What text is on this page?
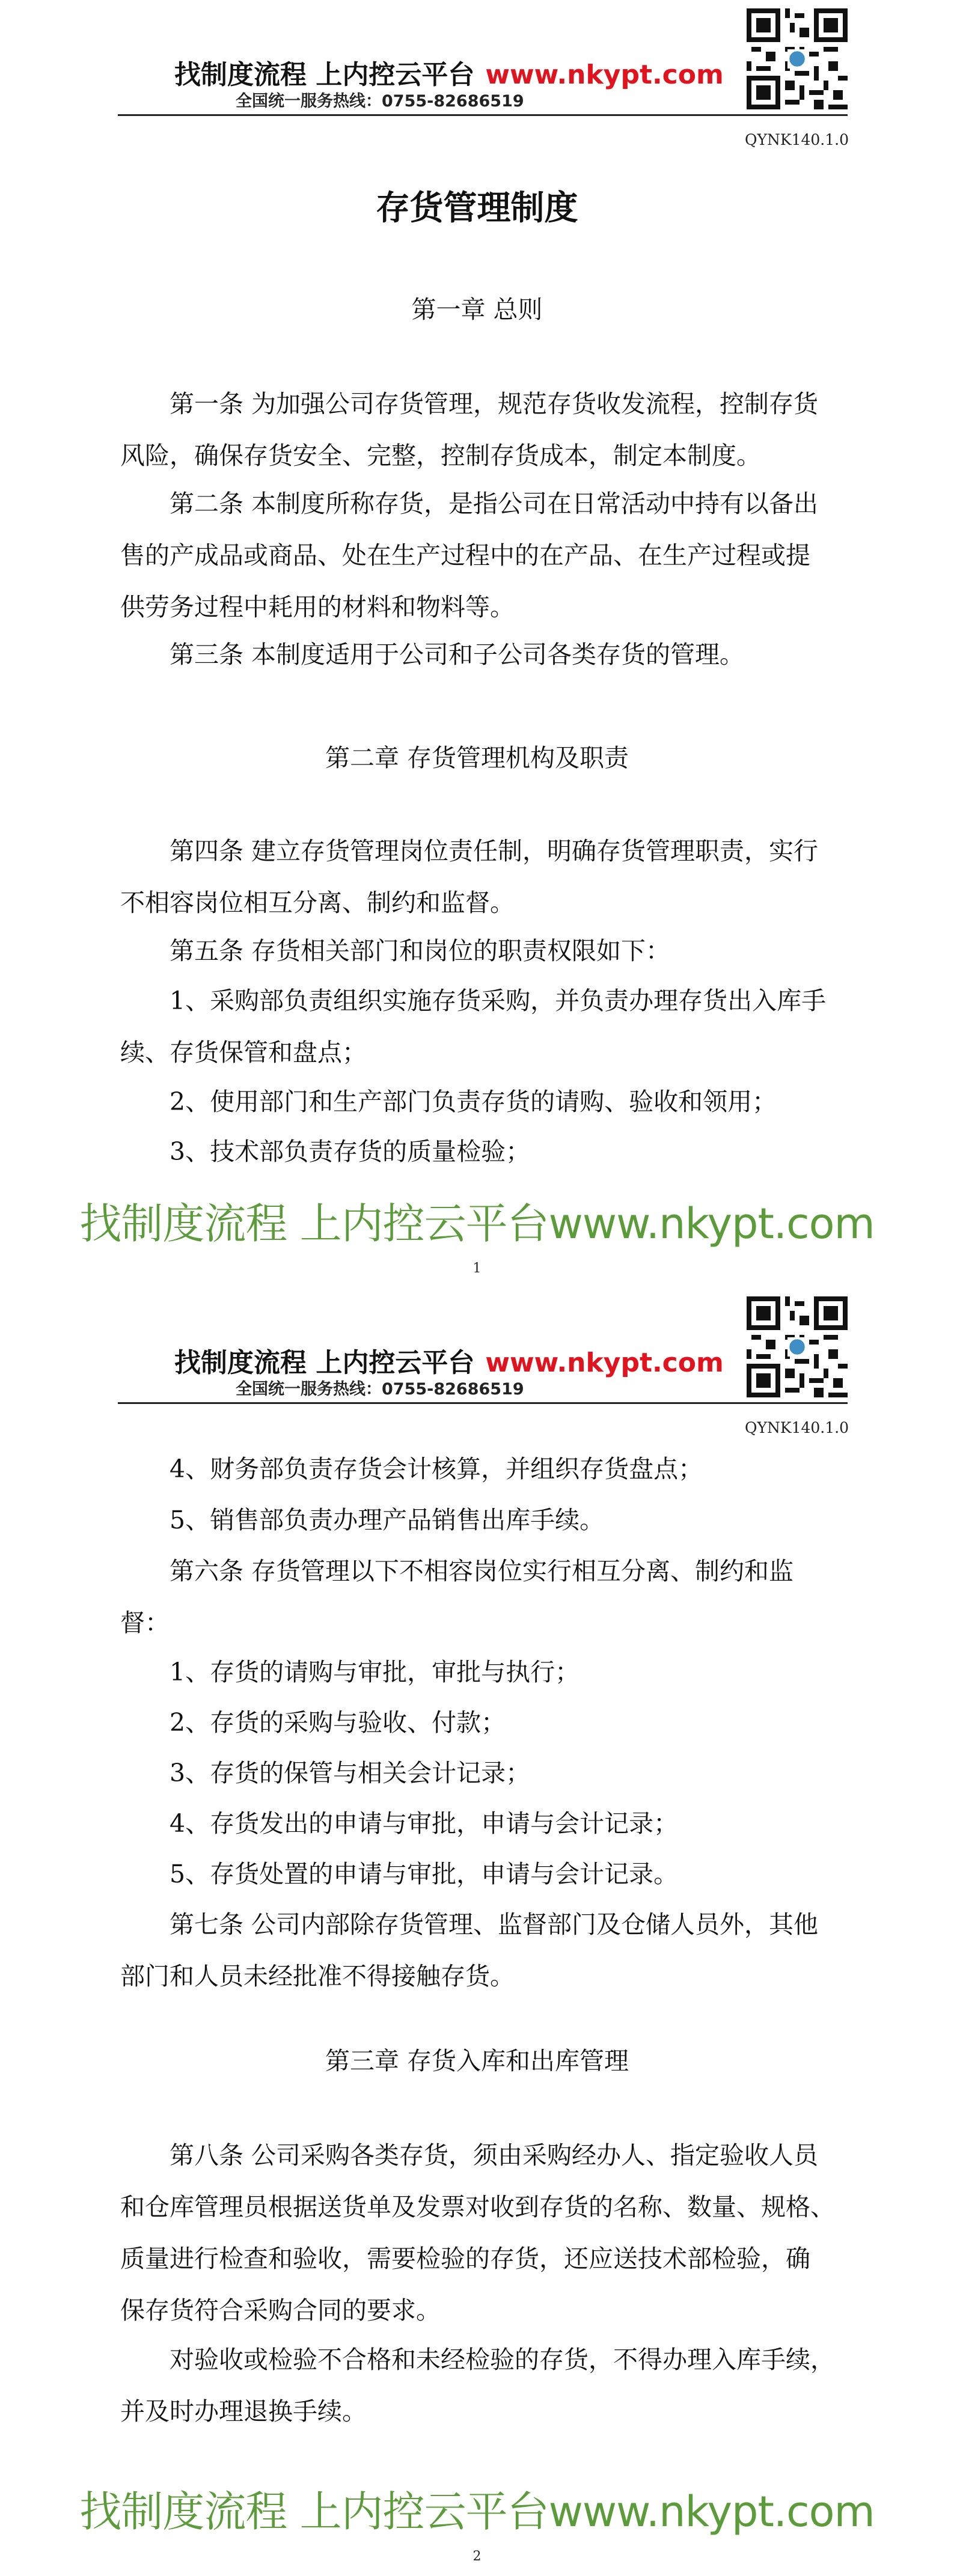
找制度流程 上内控云平台 www.nkypt.com
全国统一服务热线：0755-82686519
QYNK140.1.0
存货管理制度
第一章 总则
第一条 为加强公司存货管理，规范存货收发流程，控制存货
风险，确保存货安全、完整，控制存货成本，制定本制度。
第二条 本制度所称存货，是指公司在日常活动中持有以备出
售的产成品或商品、处在生产过程中的在产品、在生产过程或提
供劳务过程中耗用的材料和物料等。
第三条 本制度适用于公司和子公司各类存货的管理。
第二章 存货管理机构及职责
第四条 建立存货管理岗位责任制，明确存货管理职责，实行
不相容岗位相互分离、制约和监督。
第五条 存货相关部门和岗位的职责权限如下：
1、采购部负责组织实施存货采购，并负责办理存货出入库手
续、存货保管和盘点；
2、使用部门和生产部门负责存货的请购、验收和领用；
3、技术部负责存货的质量检验；
找制度流程 上内控云平台www.nkypt.com
1
找制度流程 上内控云平台 www.nkypt.com
全国统一服务热线：0755-82686519
QYNK140.1.0
4、财务部负责存货会计核算，并组织存货盘点；
5、销售部负责办理产品销售出库手续。
第六条 存货管理以下不相容岗位实行相互分离、制约和监
督：
1、存货的请购与审批，审批与执行；
2、存货的采购与验收、付款；
3、存货的保管与相关会计记录；
4、存货发出的申请与审批，申请与会计记录；
5、存货处置的申请与审批，申请与会计记录。
第七条 公司内部除存货管理、监督部门及仓储人员外，其他
部门和人员未经批准不得接触存货。
第三章 存货入库和出库管理
第八条 公司采购各类存货，须由采购经办人、指定验收人员
和仓库管理员根据送货单及发票对收到存货的名称、数量、规格、
质量进行检查和验收，需要检验的存货，还应送技术部检验，确
保存货符合采购合同的要求。
对验收或检验不合格和未经检验的存货，不得办理入库手续，
并及时办理退换手续。
找制度流程 上内控云平台www.nkypt.com
2
